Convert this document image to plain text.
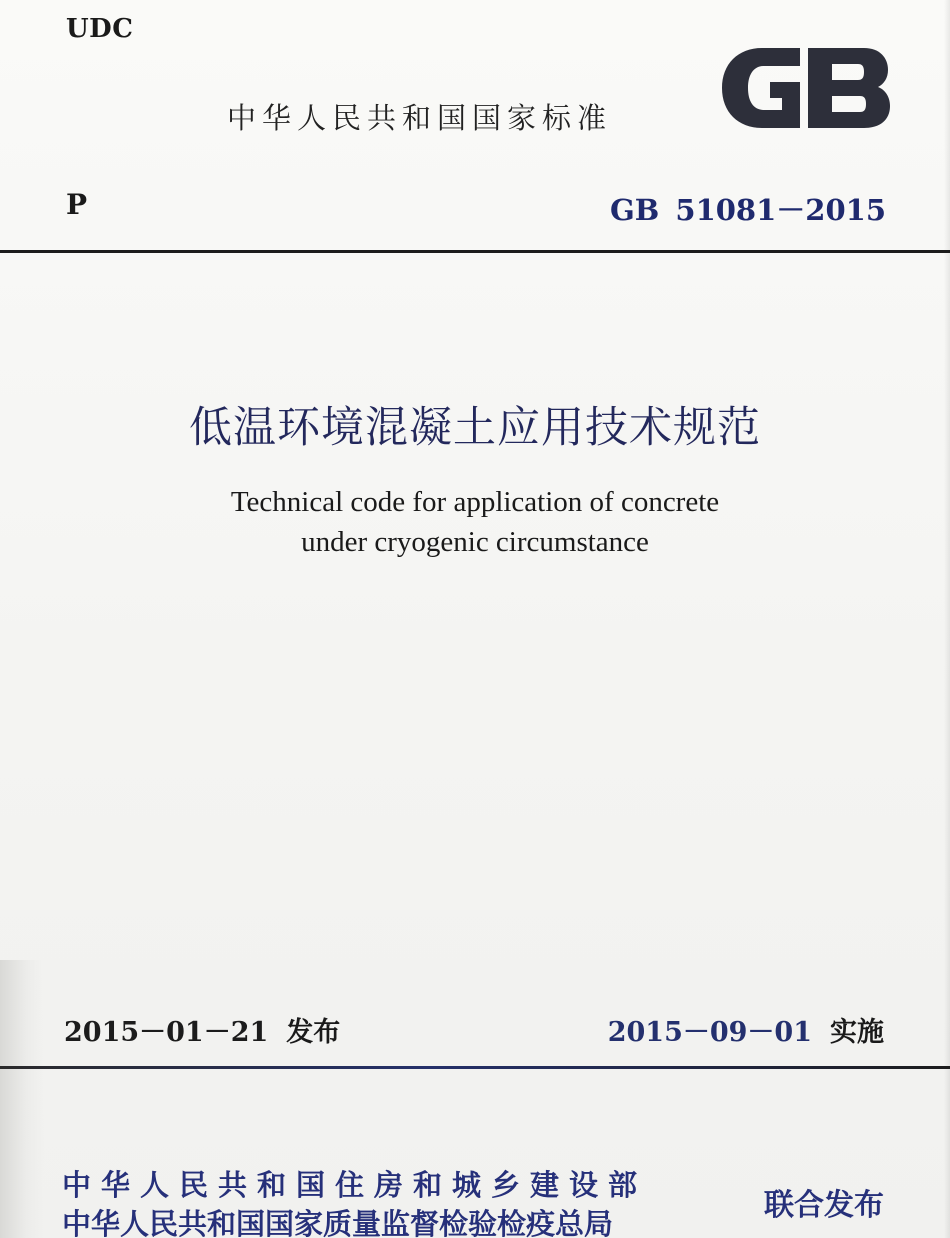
UDC
中华人民共和国国家标准
P	GB 51081－2015
低温环境混凝土应用技术规范
Technical code for application of concrete
under cryogenic circumstance
2015－01－21 发布	2015－09－01 实施
中华人民共和国住房和城乡建设部
中华人民共和国国家质量监督检验检疫总局
联合发布
